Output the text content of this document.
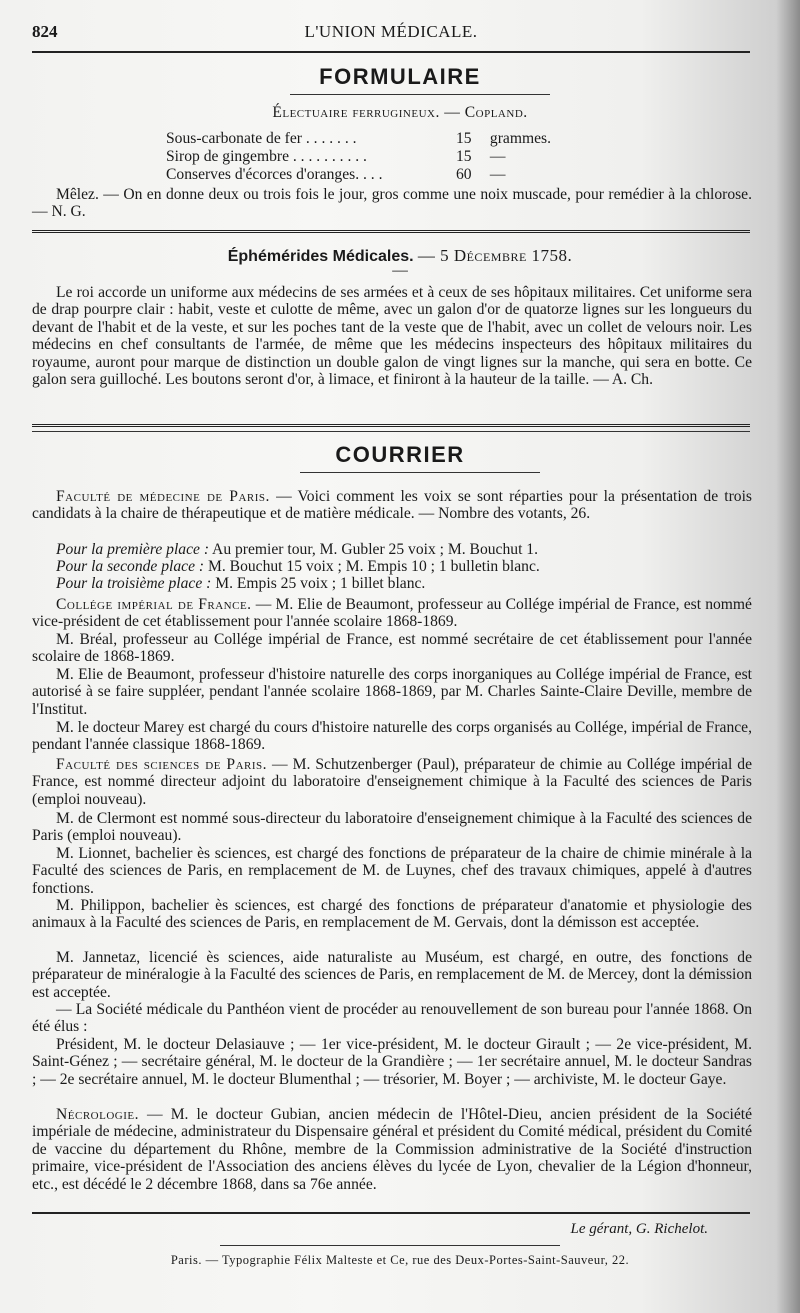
824	L'UNION MÉDICALE.
FORMULAIRE
Électuaire ferrugineux. — Copland.
Sous-carbonate de fer . . . . . . .	15 grammes.
Sirop de gingembre . . . . . . . . . .	15 —
Conserves d'écorces d'oranges. . . .	60 —
Mêlez. — On en donne deux ou trois fois le jour, gros comme une noix muscade, pour remédier à la chlorose. — N. G.
Éphémérides Médicales. — 5 Décembre 1758.
—
Le roi accorde un uniforme aux médecins de ses armées et à ceux de ses hôpitaux militaires. Cet uniforme sera de drap pourpre clair : habit, veste et culotte de même, avec un galon d'or de quatorze lignes sur les longueurs du devant de l'habit et de la veste, et sur les poches tant de la veste que de l'habit, avec un collet de velours noir. Les médecins en chef consultants de l'armée, de même que les médecins inspecteurs des hôpitaux militaires du royaume, auront pour marque de distinction un double galon de vingt lignes sur la manche, qui sera en botte. Ce galon sera guilloché. Les boutons seront d'or, à limace, et finiront à la hauteur de la taille. — A. Ch.
COURRIER
Faculté de médecine de Paris. — Voici comment les voix se sont réparties pour la présentation de trois candidats à la chaire de thérapeutique et de matière médicale. — Nombre des votants, 26.
Pour la première place : Au premier tour, M. Gubler 25 voix ; M. Bouchut 1.
Pour la seconde place : M. Bouchut 15 voix ; M. Empis 10 ; 1 bulletin blanc.
Pour la troisième place : M. Empis 25 voix ; 1 billet blanc.
Collége impérial de France. — M. Elie de Beaumont, professeur au Collége impérial de France, est nommé vice-président de cet établissement pour l'année scolaire 1868-1869.
M. Bréal, professeur au Collége impérial de France, est nommé secrétaire de cet établissement pour l'année scolaire de 1868-1869.
M. Elie de Beaumont, professeur d'histoire naturelle des corps inorganiques au Collége impérial de France, est autorisé à se faire suppléer, pendant l'année scolaire 1868-1869, par M. Charles Sainte-Claire Deville, membre de l'Institut.
M. le docteur Marey est chargé du cours d'histoire naturelle des corps organisés au Collége, impérial de France, pendant l'année classique 1868-1869.
Faculté des sciences de Paris. — M. Schutzenberger (Paul), préparateur de chimie au Collége impérial de France, est nommé directeur adjoint du laboratoire d'enseignement chimique à la Faculté des sciences de Paris (emploi nouveau).
M. de Clermont est nommé sous-directeur du laboratoire d'enseignement chimique à la Faculté des sciences de Paris (emploi nouveau).
M. Lionnet, bachelier ès sciences, est chargé des fonctions de préparateur de la chaire de chimie minérale à la Faculté des sciences de Paris, en remplacement de M. de Luynes, chef des travaux chimiques, appelé à d'autres fonctions.
M. Philippon, bachelier ès sciences, est chargé des fonctions de préparateur d'anatomie et physiologie des animaux à la Faculté des sciences de Paris, en remplacement de M. Gervais, dont la démisson est acceptée.
M. Jannetaz, licencié ès sciences, aide naturaliste au Muséum, est chargé, en outre, des fonctions de préparateur de minéralogie à la Faculté des sciences de Paris, en remplacement de M. de Mercey, dont la démission est acceptée.
— La Société médicale du Panthéon vient de procéder au renouvellement de son bureau pour l'année 1868. On été élus :
Président, M. le docteur Delasiauve ; — 1er vice-président, M. le docteur Girault ; — 2e vice-président, M. Saint-Génez ; — secrétaire général, M. le docteur de la Grandière ; — 1er secrétaire annuel, M. le docteur Sandras ; — 2e secrétaire annuel, M. le docteur Blumenthal ; — trésorier, M. Boyer ; — archiviste, M. le docteur Gaye.
Nécrologie. — M. le docteur Gubian, ancien médecin de l'Hôtel-Dieu, ancien président de la Société impériale de médecine, administrateur du Dispensaire général et président du Comité médical, président du Comité de vaccine du département du Rhône, membre de la Commission administrative de la Société d'instruction primaire, vice-président de l'Association des anciens élèves du lycée de Lyon, chevalier de la Légion d'honneur, etc., est décédé le 2 décembre 1868, dans sa 76e année.
Le gérant, G. Richelot.
Paris. — Typographie Félix Malteste et Ce, rue des Deux-Portes-Saint-Sauveur, 22.
